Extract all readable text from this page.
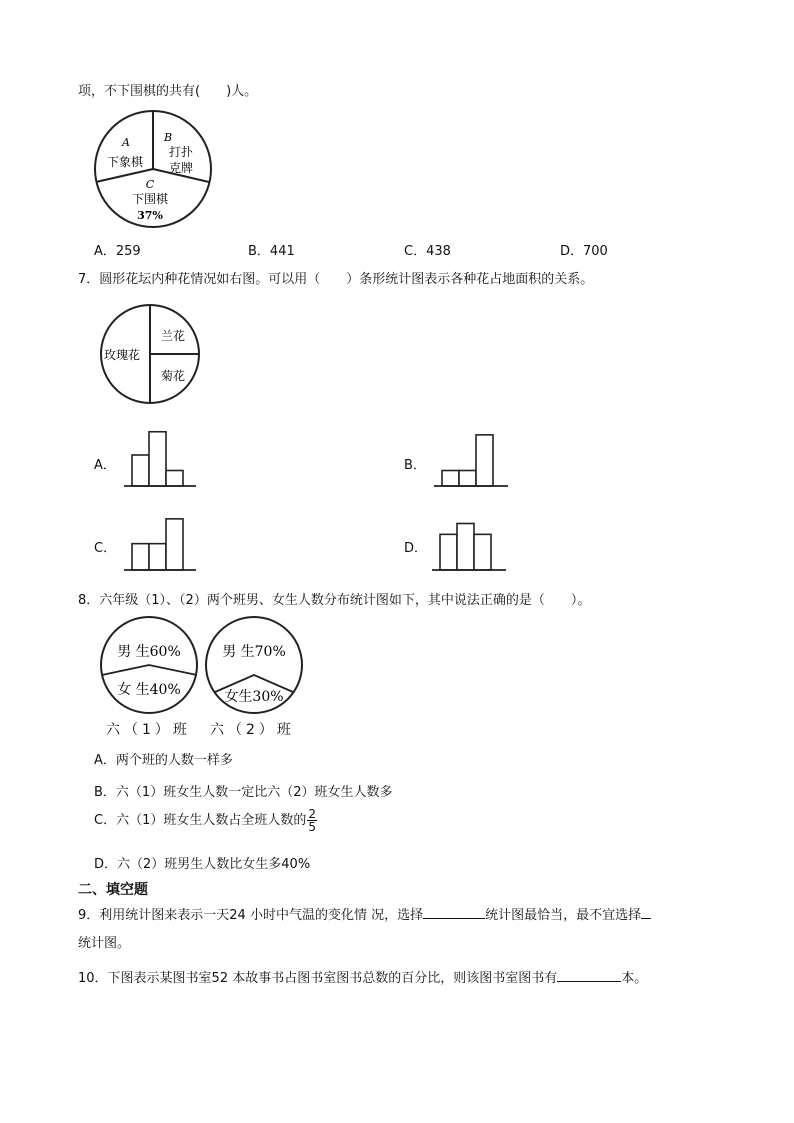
项，不下围棋的共有(　　)人。
A
下象棋
B
打扑
克牌
C
下围棋
37%
A．259	B．441	C．438	D．700
7．圆形花坛内种花情况如右图。可以用（　　）条形统计图表示各种花占地面积的关系。
玫瑰花
兰花
菊花
A．	B．
C．	D．
8．六年级（1）、（2）两个班男、女生人数分布统计图如下，其中说法正确的是（　　）。
男 生60%
女 生40%
六（1）班
男 生70%
女生30%
六（2）班
A．两个班的人数一样多
B．六（1）班女生人数一定比六（2）班女生人数多
C．六（1）班女生人数占全班人数的 $\frac{2}{5}$
D．六（2）班男生人数比女生多40%
二、填空题
9．利用统计图来表示一天24 小时中气温的变化情 况，选择	统计图最恰当，最不宜选择
统计图。
10．下图表示某图书室52 本故事书占图书室图书总数的百分比，则该图书室图书有	本。
